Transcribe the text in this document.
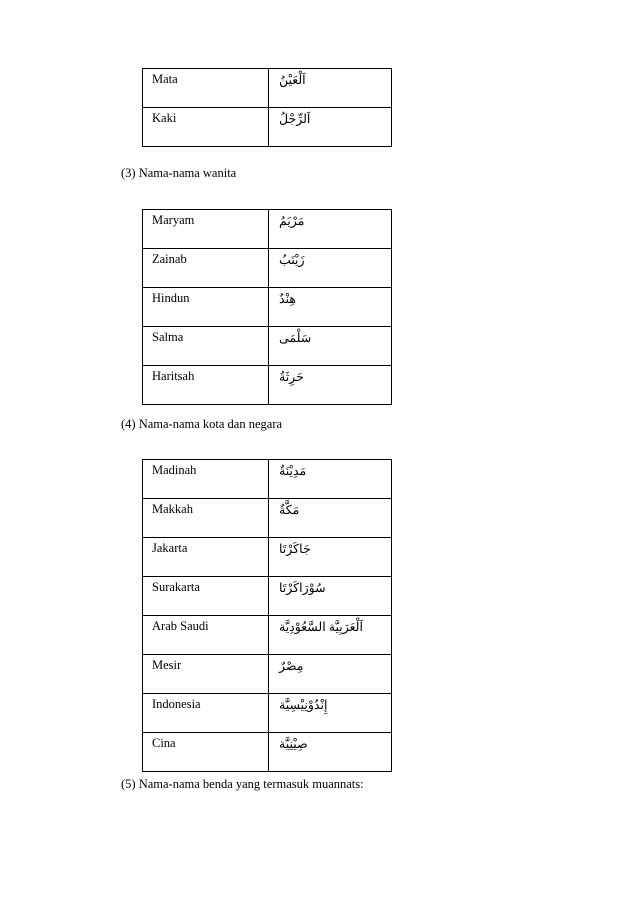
Mata	اَلْعَيْنُ
Kaki	اَلرِّجْلُ
(3) Nama-nama wanita
Maryam	مَرْيَمُ
Zainab	زَيْنَبُ
Hindun	هِنْدٌ
Salma	سَلْمَى
Haritsah	حَرِثَةُ
(4) Nama-nama kota dan negara
Madinah	مَدِيْنَةٌ
Makkah	مَكَّةٌ
Jakarta	جَاكَرْتَا
Surakarta	سُوْرَاكَرْتَا
Arab Saudi	اَلْعَرَبِيَّة السَّعُوْدِيَّة
Mesir	مِصْرٌ
Indonesia	إِنْدُوْنِيْسِيَّة
Cina	صِيْنِيَّة
(5) Nama-nama benda yang termasuk muannats:
